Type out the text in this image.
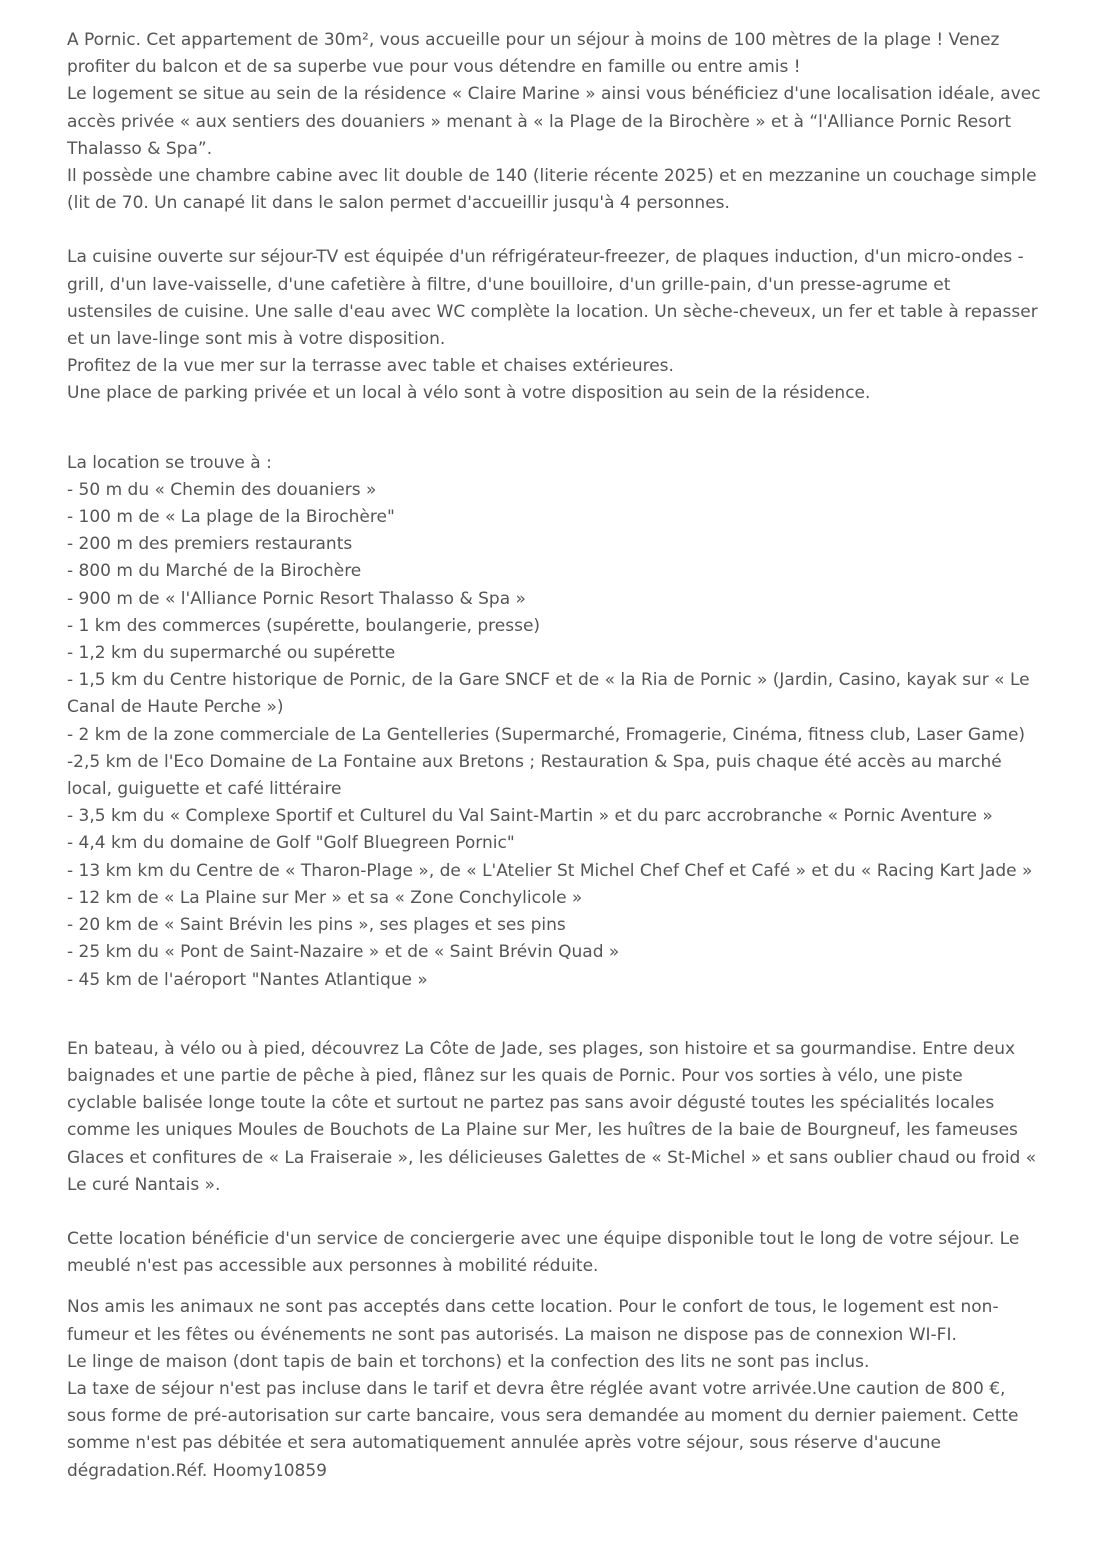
A Pornic. Cet appartement de 30m², vous accueille pour un séjour à moins de 100 mètres de la plage ! Venez
profiter du balcon et de sa superbe vue pour vous détendre en famille ou entre amis !
Le logement se situe au sein de la résidence « Claire Marine » ainsi vous bénéficiez d'une localisation idéale, avec
accès privée « aux sentiers des douaniers » menant à « la Plage de la Birochère » et à “l'Alliance Pornic Resort
Thalasso & Spa”.
Il possède une chambre cabine avec lit double de 140 (literie récente 2025) et en mezzanine un couchage simple
(lit de 70. Un canapé lit dans le salon permet d'accueillir jusqu'à 4 personnes.
La cuisine ouverte sur séjour-TV est équipée d'un réfrigérateur-freezer, de plaques induction, d'un micro-ondes -
grill, d'un lave-vaisselle, d'une cafetière à filtre, d'une bouilloire, d'un grille-pain, d'un presse-agrume et
ustensiles de cuisine. Une salle d'eau avec WC complète la location. Un sèche-cheveux, un fer et table à repasser
et un lave-linge sont mis à votre disposition.
Profitez de la vue mer sur la terrasse avec table et chaises extérieures.
Une place de parking privée et un local à vélo sont à votre disposition au sein de la résidence.
La location se trouve à :
- 50 m du « Chemin des douaniers »
- 100 m de « La plage de la Birochère"
- 200 m des premiers restaurants
- 800 m du Marché de la Birochère
- 900 m de « l'Alliance Pornic Resort Thalasso & Spa »
- 1 km des commerces (supérette, boulangerie, presse)
- 1,2 km du supermarché ou supérette
- 1,5 km du Centre historique de Pornic, de la Gare SNCF et de « la Ria de Pornic » (Jardin, Casino, kayak sur « Le
Canal de Haute Perche »)
- 2 km de la zone commerciale de La Gentelleries (Supermarché, Fromagerie, Cinéma, fitness club, Laser Game)
-2,5 km de l'Eco Domaine de La Fontaine aux Bretons ; Restauration & Spa, puis chaque été accès au marché
local, guiguette et café littéraire
- 3,5 km du « Complexe Sportif et Culturel du Val Saint-Martin » et du parc accrobranche « Pornic Aventure »
- 4,4 km du domaine de Golf "Golf Bluegreen Pornic"
- 13 km km du Centre de « Tharon-Plage », de « L'Atelier St Michel Chef Chef et Café » et du « Racing Kart Jade »
- 12 km de « La Plaine sur Mer » et sa « Zone Conchylicole »
- 20 km de « Saint Brévin les pins », ses plages et ses pins
- 25 km du « Pont de Saint-Nazaire » et de « Saint Brévin Quad »
- 45 km de l'aéroport "Nantes Atlantique »
En bateau, à vélo ou à pied, découvrez La Côte de Jade, ses plages, son histoire et sa gourmandise. Entre deux
baignades et une partie de pêche à pied, flânez sur les quais de Pornic. Pour vos sorties à vélo, une piste
cyclable balisée longe toute la côte et surtout ne partez pas sans avoir dégusté toutes les spécialités locales
comme les uniques Moules de Bouchots de La Plaine sur Mer, les huîtres de la baie de Bourgneuf, les fameuses
Glaces et confitures de « La Fraiseraie », les délicieuses Galettes de « St-Michel » et sans oublier chaud ou froid «
Le curé Nantais ».
Cette location bénéficie d'un service de conciergerie avec une équipe disponible tout le long de votre séjour. Le
meublé n'est pas accessible aux personnes à mobilité réduite.
Nos amis les animaux ne sont pas acceptés dans cette location. Pour le confort de tous, le logement est non-
fumeur et les fêtes ou événements ne sont pas autorisés. La maison ne dispose pas de connexion WI-FI.
Le linge de maison (dont tapis de bain et torchons) et la confection des lits ne sont pas inclus.
La taxe de séjour n'est pas incluse dans le tarif et devra être réglée avant votre arrivée.Une caution de 800 €,
sous forme de pré-autorisation sur carte bancaire, vous sera demandée au moment du dernier paiement. Cette
somme n'est pas débitée et sera automatiquement annulée après votre séjour, sous réserve d'aucune
dégradation.Réf. Hoomy10859
